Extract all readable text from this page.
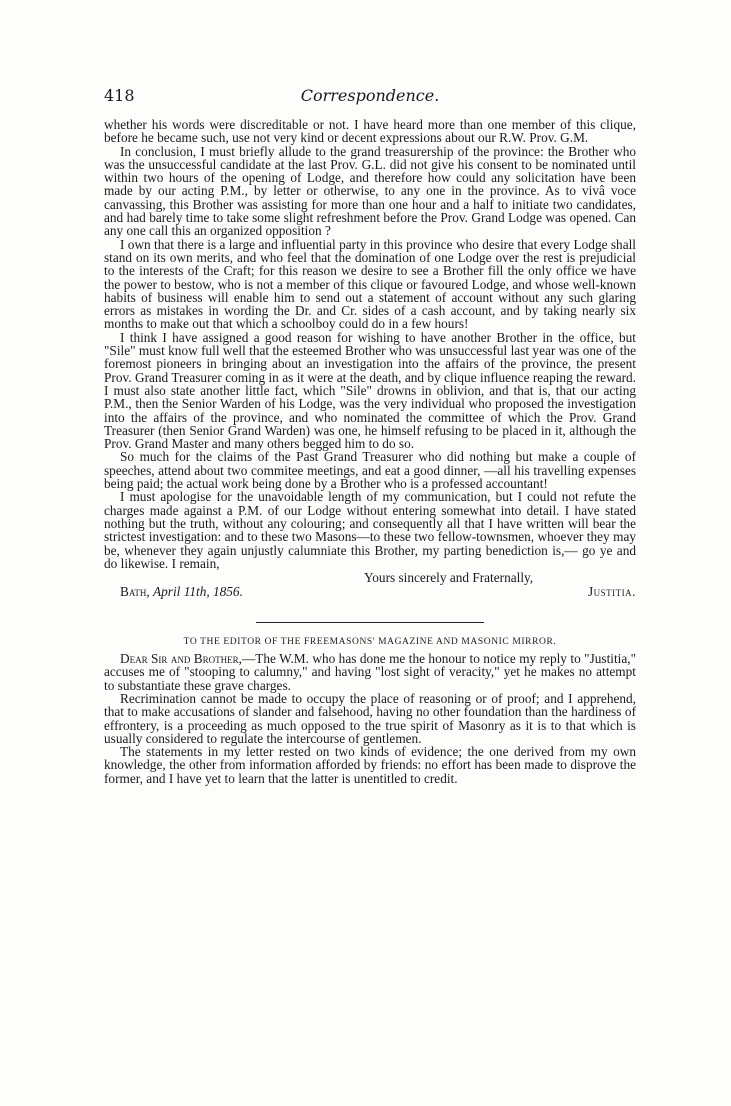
418	Correspondence.

whether his words were discreditable or not. I have heard more than one member of this clique, before he became such, use not very kind or decent expressions about our R.W. Prov. G.M.

In conclusion, I must briefly allude to the grand treasurership of the province: the Brother who was the unsuccessful candidate at the last Prov. G.L. did not give his consent to be nominated until within two hours of the opening of Lodge, and therefore how could any solicitation have been made by our acting P.M., by letter or otherwise, to any one in the province. As to vivâ voce canvassing, this Brother was assisting for more than one hour and a half to initiate two candidates, and had barely time to take some slight refreshment before the Prov. Grand Lodge was opened. Can any one call this an organized opposition ?

I own that there is a large and influential party in this province who desire that every Lodge shall stand on its own merits, and who feel that the domination of one Lodge over the rest is prejudicial to the interests of the Craft; for this reason we desire to see a Brother fill the only office we have the power to bestow, who is not a member of this clique or favoured Lodge, and whose well-known habits of business will enable him to send out a statement of account without any such glaring errors as mistakes in wording the Dr. and Cr. sides of a cash account, and by taking nearly six months to make out that which a schoolboy could do in a few hours!

I think I have assigned a good reason for wishing to have another Brother in the office, but "Sile" must know full well that the esteemed Brother who was unsuccessful last year was one of the foremost pioneers in bringing about an investigation into the affairs of the province, the present Prov. Grand Treasurer coming in as it were at the death, and by clique influence reaping the reward. I must also state another little fact, which "Sile" drowns in oblivion, and that is, that our acting P.M., then the Senior Warden of his Lodge, was the very individual who proposed the investigation into the affairs of the province, and who nominated the committee of which the Prov. Grand Treasurer (then Senior Grand Warden) was one, he himself refusing to be placed in it, although the Prov. Grand Master and many others begged him to do so.

So much for the claims of the Past Grand Treasurer who did nothing but make a couple of speeches, attend about two commitee meetings, and eat a good dinner, —all his travelling expenses being paid; the actual work being done by a Brother who is a professed accountant!

I must apologise for the unavoidable length of my communication, but I could not refute the charges made against a P.M. of our Lodge without entering somewhat into detail. I have stated nothing but the truth, without any colouring; and consequently all that I have written will bear the strictest investigation: and to these two Masons—to these two fellow-townsmen, whoever they may be, whenever they again unjustly calumniate this Brother, my parting benediction is,— go ye and do likewise. I remain,

Yours sincerely and Fraternally,
Bath, April 11th, 1856.	Justitia.
TO THE EDITOR OF THE FREEMASONS' MAGAZINE AND MASONIC MIRROR.

Dear Sir and Brother,—The W.M. who has done me the honour to notice my reply to "Justitia," accuses me of "stooping to calumny," and having "lost sight of veracity," yet he makes no attempt to substantiate these grave charges.

Recrimination cannot be made to occupy the place of reasoning or of proof; and I apprehend, that to make accusations of slander and falsehood, having no other foundation than the hardiness of effrontery, is a proceeding as much opposed to the true spirit of Masonry as it is to that which is usually considered to regulate the intercourse of gentlemen.

The statements in my letter rested on two kinds of evidence; the one derived from my own knowledge, the other from information afforded by friends: no effort has been made to disprove the former, and I have yet to learn that the latter is unentitled to credit.
